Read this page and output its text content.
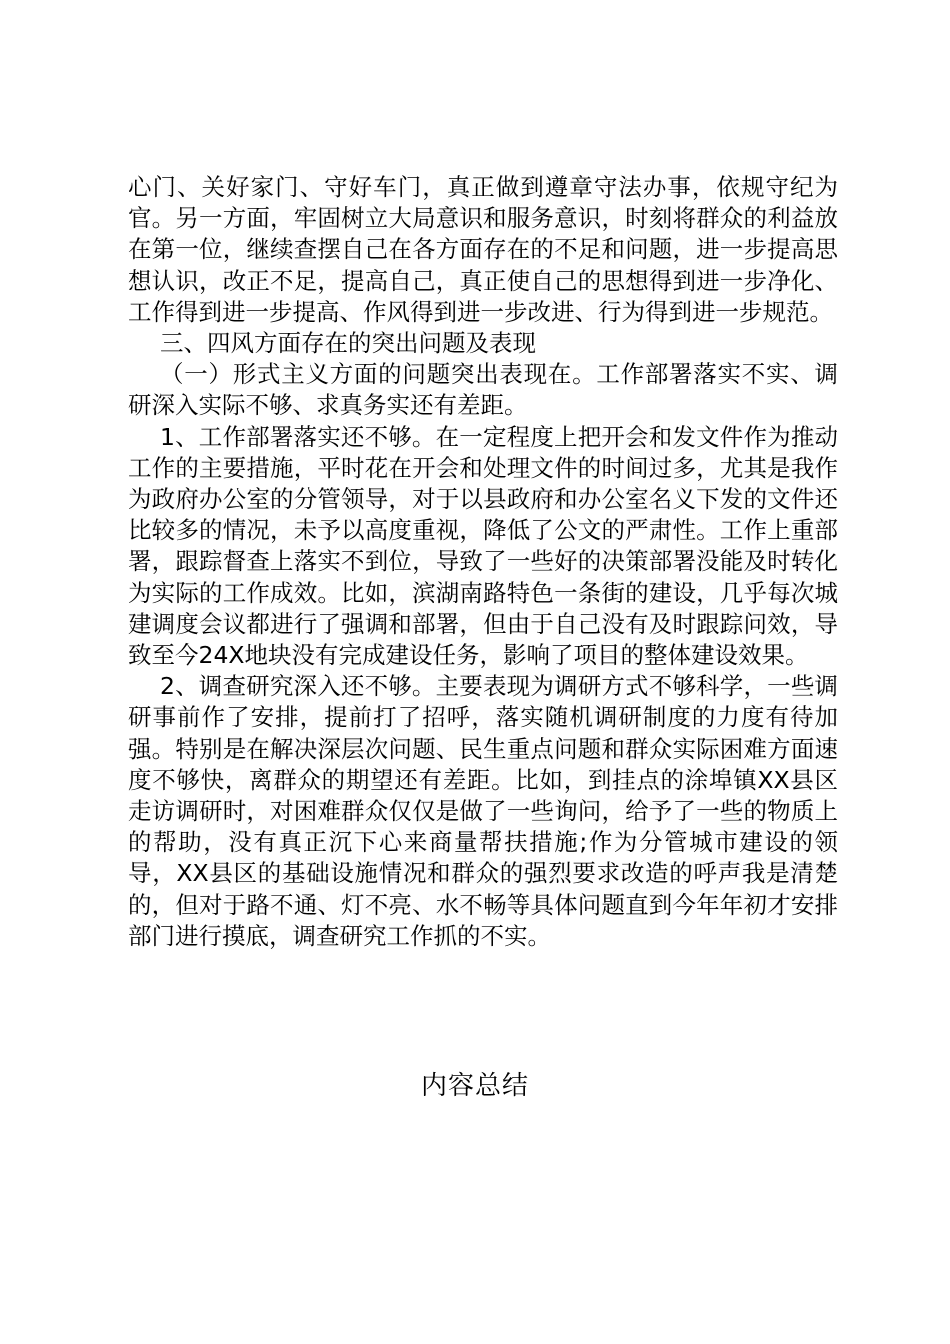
心门、关好家门、守好车门，真正做到遵章守法办事，依规守纪为官。另一方面，牢固树立大局意识和服务意识，时刻将群众的利益放在第一位，继续查摆自己在各方面存在的不足和问题，进一步提高思想认识，改正不足，提高自己，真正使自己的思想得到进一步净化、工作得到进一步提高、作风得到进一步改进、行为得到进一步规范。

三、四风方面存在的突出问题及表现

（一）形式主义方面的问题突出表现在。工作部署落实不实、调研深入实际不够、求真务实还有差距。

1、工作部署落实还不够。在一定程度上把开会和发文件作为推动工作的主要措施，平时花在开会和处理文件的时间过多，尤其是我作为政府办公室的分管领导，对于以县政府和办公室名义下发的文件还比较多的情况，未予以高度重视，降低了公文的严肃性。工作上重部署，跟踪督查上落实不到位，导致了一些好的决策部署没能及时转化为实际的工作成效。比如，滨湖南路特色一条街的建设，几乎每次城建调度会议都进行了强调和部署，但由于自己没有及时跟踪问效，导致至今24X地块没有完成建设任务，影响了项目的整体建设效果。

2、调查研究深入还不够。主要表现为调研方式不够科学，一些调研事前作了安排，提前打了招呼，落实随机调研制度的力度有待加强。特别是在解决深层次问题、民生重点问题和群众实际困难方面速度不够快，离群众的期望还有差距。比如，到挂点的涂埠镇XX县区走访调研时，对困难群众仅仅是做了一些询问，给予了一些的物质上的帮助，没有真正沉下心来商量帮扶措施;作为分管城市建设的领导，XX县区的基础设施情况和群众的强烈要求改造的呼声我是清楚的，但对于路不通、灯不亮、水不畅等具体问题直到今年年初才安排部门进行摸底，调查研究工作抓的不实。

内容总结
